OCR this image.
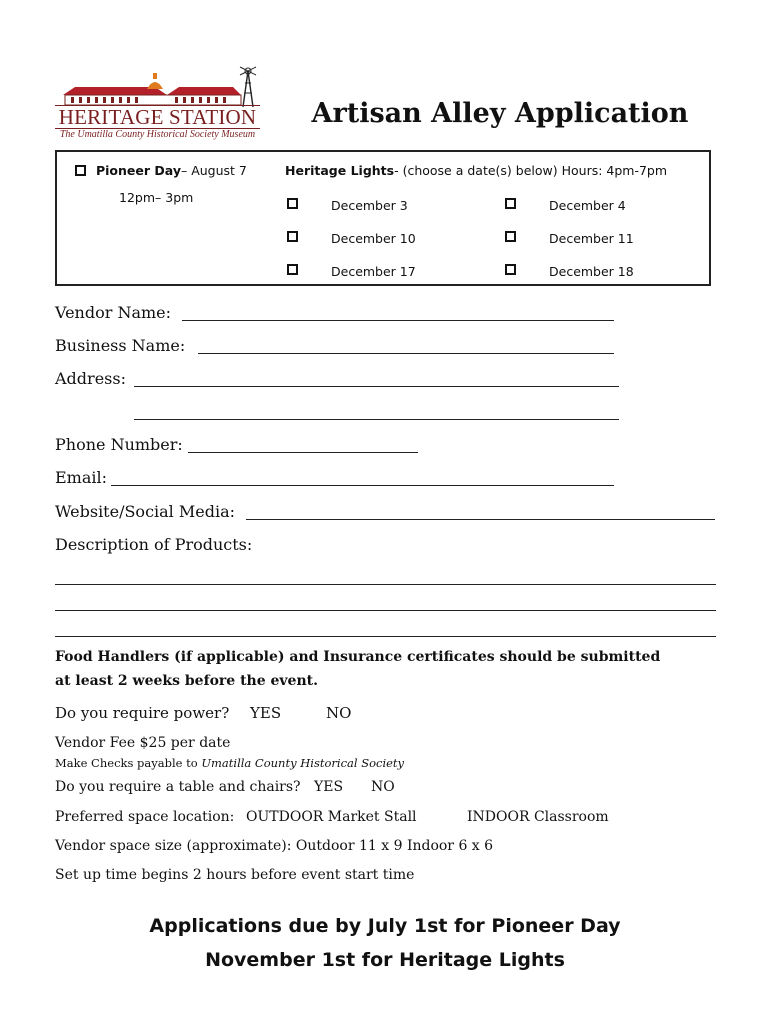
HERITAGE STATION
The Umatilla County Historical Society Museum
Artisan Alley Application
Pioneer Day– August 7
12pm– 3pm
Heritage Lights- (choose a date(s) below) Hours: 4pm-7pm
December 3	December 4
December 10	December 11
December 17	December 18
Vendor Name:
Business Name:
Address:
Phone Number:
Email:
Website/Social Media:
Description of Products:
Food Handlers (if applicable) and Insurance certificates should be submitted
at least 2 weeks before the event.
Do you require power? YES	NO
Vendor Fee $25 per date
Make Checks payable to Umatilla County Historical Society
Do you require a table and chairs? YES NO
Preferred space location: OUTDOOR Market Stall	INDOOR Classroom
Vendor space size (approximate): Outdoor 11 x 9 Indoor 6 x 6
Set up time begins 2 hours before event start time
Applications due by July 1st for Pioneer Day
November 1st for Heritage Lights
